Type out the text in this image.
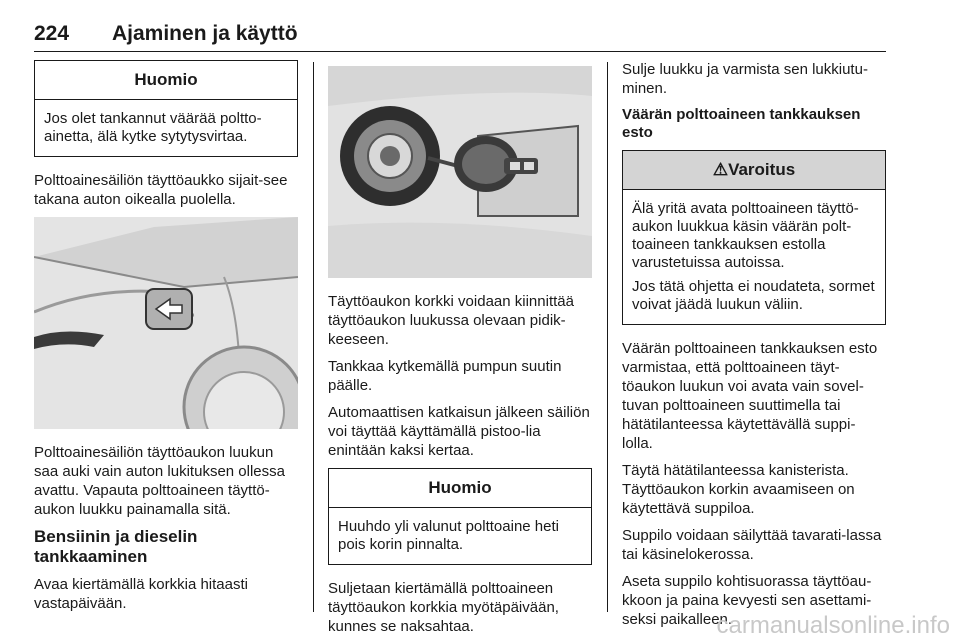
224 Ajaminen ja käyttö
Huomio

Jos olet tankannut väärää poltto-ainetta, älä kytke sytytysvirtaa.

Polttoainesäiliön täyttöaukko sijait-see takana auton oikealla puolella.

Polttoainesäiliön täyttöaukon luukun saa auki vain auton lukituksen ollessa avattu. Vapauta polttoaineen täyttö-aukon luukku painamalla sitä.

Bensiinin ja dieselin tankkaaminen

Avaa kiertämällä korkkia hitaasti vastapäivään.

Täyttöaukon korkki voidaan kiinnittää täyttöaukon luukussa olevaan pidik-keeseen.

Tankkaa kytkemällä pumpun suutin päälle.

Automaattisen katkaisun jälkeen säiliön voi täyttää käyttämällä pistoo-lia enintään kaksi kertaa.

Huomio

Huuhdo yli valunut polttoaine heti pois korin pinnalta.

Suljetaan kiertämällä polttoaineen täyttöaukon korkkia myötäpäivään, kunnes se naksahtaa.

Sulje luukku ja varmista sen lukkiutu-minen.

Väärän polttoaineen tankkauksen esto
⚠Varoitus

Älä yritä avata polttoaineen täyttö-aukon luukkua käsin väärän polt-toaineen tankkauksen estolla varustetuissa autoissa.

Jos tätä ohjetta ei noudateta, sormet voivat jäädä luukun väliin.

Väärän polttoaineen tankkauksen esto varmistaa, että polttoaineen täyt-töaukon luukun voi avata vain sovel-tuvan polttoaineen suuttimella tai hätätilanteessa käytettävällä suppi-lolla.

Täytä hätätilanteessa kanisterista. Täyttöaukon korkin avaamiseen on käytettävä suppiloa.

Suppilo voidaan säilyttää tavarati-lassa tai käsinelokerossa.

Aseta suppilo kohtisuorassa täyttöau-kkoon ja paina kevyesti sen asettami-seksi paikalleen.

carmanualsonline.info
